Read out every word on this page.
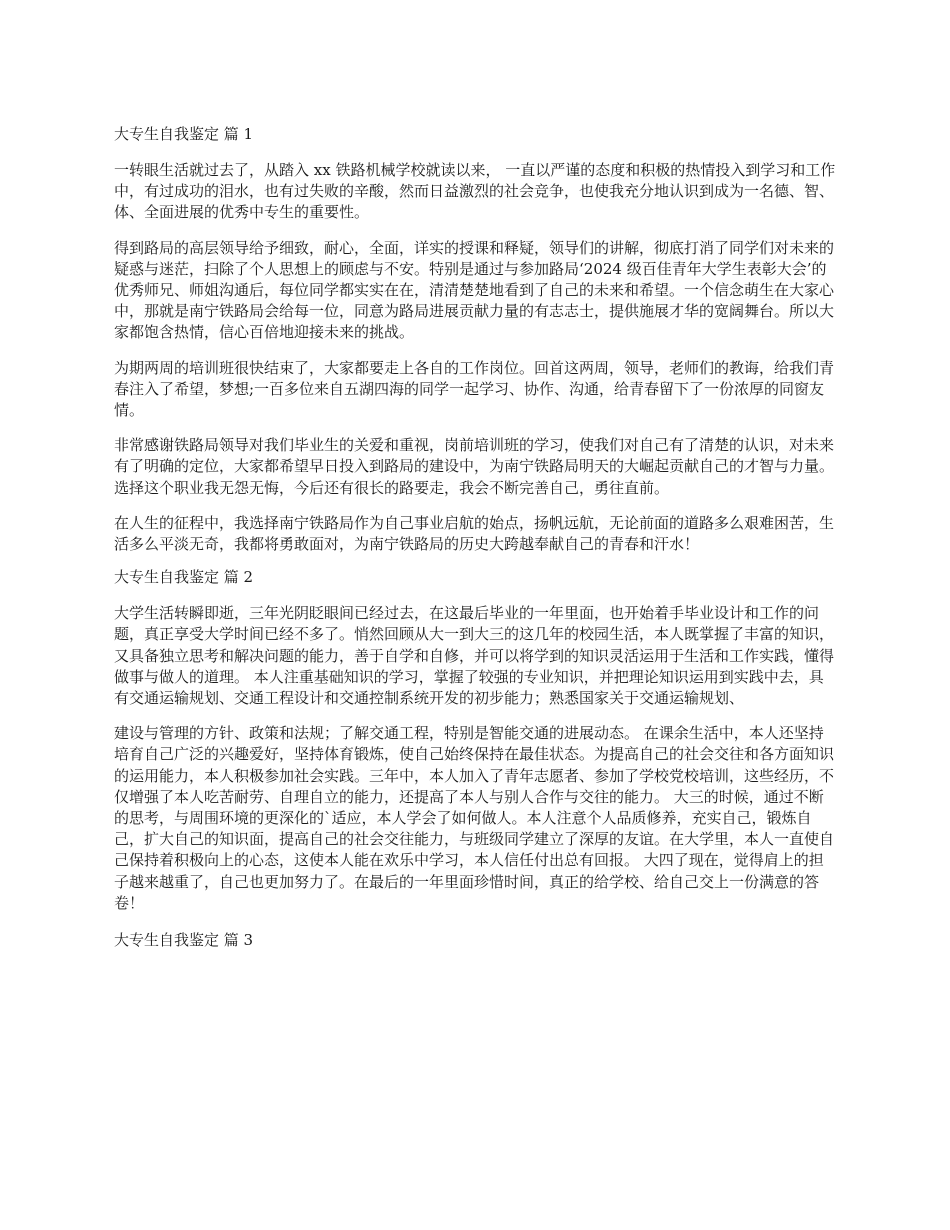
大专生自我鉴定 篇 1

一转眼生活就过去了，从踏入 xx 铁路机械学校就读以来， 一直以严谨的态度和积极的热情投入到学习和工作中，有过成功的泪水，也有过失败的辛酸，然而日益激烈的社会竞争，也使我充分地认识到成为一名德、智、体、全面进展的优秀中专生的重要性。

得到路局的高层领导给予细致，耐心，全面，详实的授课和释疑，领导们的讲解，彻底打消了同学们对未来的疑惑与迷茫，扫除了个人思想上的顾虑与不安。特别是通过与参加路局‘2024 级百佳青年大学生表彰大会’的优秀师兄、师姐沟通后，每位同学都实实在在，清清楚楚地看到了自己的未来和希望。一个信念萌生在大家心中，那就是南宁铁路局会给每一位，同意为路局进展贡献力量的有志志士，提供施展才华的宽阔舞台。所以大家都饱含热情，信心百倍地迎接未来的挑战。

为期两周的培训班很快结束了，大家都要走上各自的工作岗位。回首这两周，领导，老师们的教诲，给我们青春注入了希望，梦想;一百多位来自五湖四海的同学一起学习、协作、沟通，给青春留下了一份浓厚的同窗友情。

非常感谢铁路局领导对我们毕业生的关爱和重视，岗前培训班的学习，使我们对自己有了清楚的认识，对未来有了明确的定位，大家都希望早日投入到路局的建设中，为南宁铁路局明天的大崛起贡献自己的才智与力量。选择这个职业我无怨无悔，今后还有很长的路要走，我会不断完善自己，勇往直前。

在人生的征程中，我选择南宁铁路局作为自己事业启航的始点，扬帆远航，无论前面的道路多么艰难困苦，生活多么平淡无奇，我都将勇敢面对，为南宁铁路局的历史大跨越奉献自己的青春和汗水！

大专生自我鉴定 篇 2

大学生活转瞬即逝，三年光阴眨眼间已经过去，在这最后毕业的一年里面，也开始着手毕业设计和工作的问题，真正享受大学时间已经不多了。悄然回顾从大一到大三的这几年的校园生活，本人既掌握了丰富的知识，又具备独立思考和解决问题的能力，善于自学和自修，并可以将学到的知识灵活运用于生活和工作实践，懂得做事与做人的道理。 本人注重基础知识的学习，掌握了较强的专业知识，并把理论知识运用到实践中去，具有交通运输规划、交通工程设计和交通控制系统开发的初步能力；熟悉国家关于交通运输规划、

建设与管理的方针、政策和法规；了解交通工程，特别是智能交通的进展动态。 在课余生活中，本人还坚持培育自己广泛的兴趣爱好，坚持体育锻炼，使自己始终保持在最佳状态。为提高自己的社会交往和各方面知识的运用能力，本人积极参加社会实践。三年中，本人加入了青年志愿者、参加了学校党校培训，这些经历，不仅增强了本人吃苦耐劳、自理自立的能力，还提高了本人与别人合作与交往的能力。 大三的时候，通过不断的思考，与周围环境的更深化的`适应，本人学会了如何做人。本人注意个人品质修养，充实自己，锻炼自己，扩大自己的知识面，提高自己的社会交往能力，与班级同学建立了深厚的友谊。在大学里，本人一直使自己保持着积极向上的心态，这使本人能在欢乐中学习，本人信任付出总有回报。 大四了现在，觉得肩上的担子越来越重了，自己也更加努力了。在最后的一年里面珍惜时间，真正的给学校、给自己交上一份满意的答卷！

大专生自我鉴定 篇 3
